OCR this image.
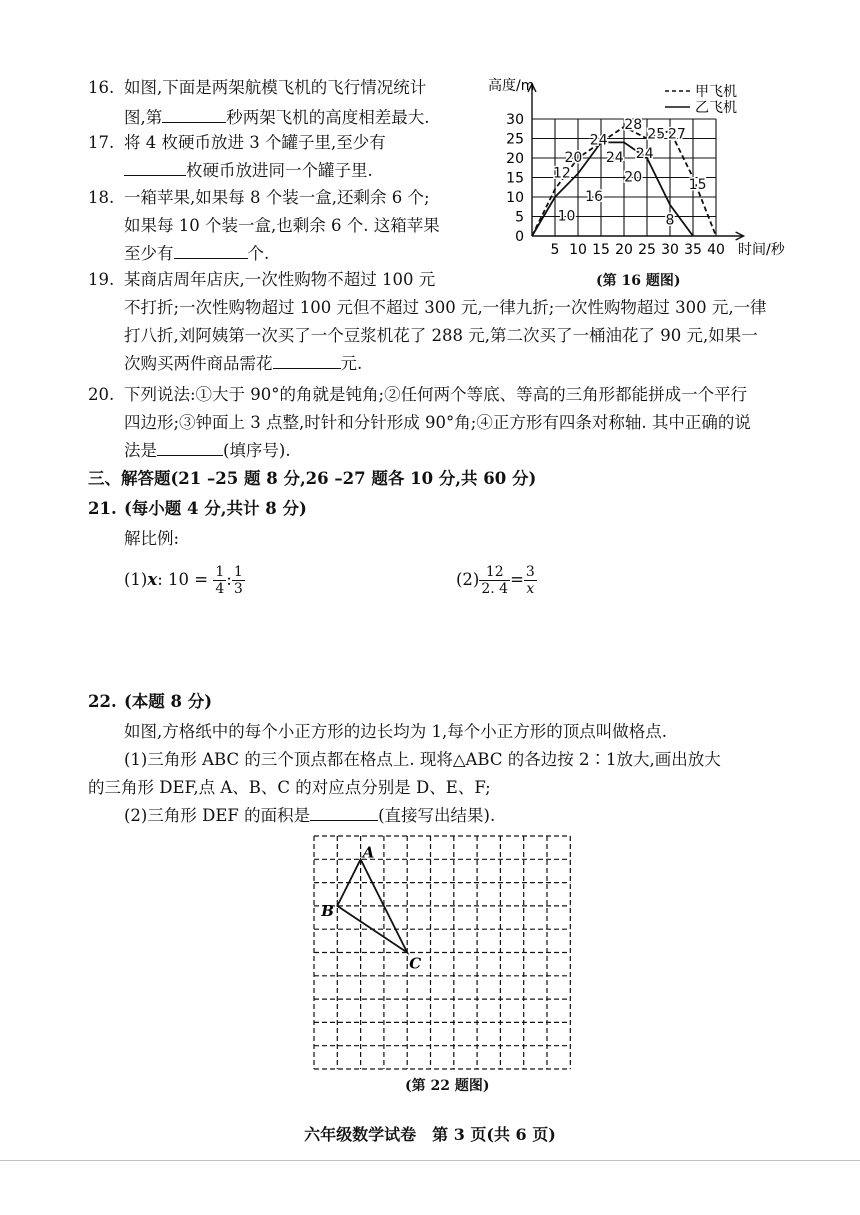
16. 如图,下面是两架航模飞机的飞行情况统计
图,第	秒两架飞机的高度相差最大.
17. 将 4 枚硬币放进 3 个罐子里,至少有
枚硬币放进同一个罐子里.
18. 一箱苹果,如果每 8 个装一盒,还剩余 6 个;
如果每 10 个装一盒,也剩余 6 个. 这箱苹果
至少有	个.
0
5
10
15
20
25
30
5 10 15 20 25 30 35 40
高度/m
时间/秒
甲飞机
乙飞机
12
10
16
20
24
24
28
24
20
25 27
15
8
(第 16 题图)
19. 某商店周年店庆,一次性购物不超过 100 元
不打折;一次性购物超过 100 元但不超过 300 元,一律九折;一次性购物超过 300 元,一律
打八折,刘阿姨第一次买了一个豆浆机花了 288 元,第二次买了一桶油花了 90 元,如果一
次购买两件商品需花	元.
20. 下列说法:①大于 90°的角就是钝角;②任何两个等底、等高的三角形都能拼成一个平行
四边形;③钟面上 3 点整,时针和分针形成 90°角;④正方形有四条对称轴. 其中正确的说
法是	(填序号).
三、解答题(21 –25 题 8 分,26 –27 题各 10 分,共 60 分)
21. (每小题 4 分,共计 8 分)
解比例:
(1)x: $10 = \frac{1}{4}$ : $\frac{1}{3}$	$(2) \frac{12}{2. 4} = \frac{3}{x}$
22. (本题 8 分)
如图,方格纸中的每个小正方形的边长均为 1,每个小正方形的顶点叫做格点.
(1)三角形 ABC 的三个顶点都在格点上. 现将△ABC 的各边按 2∶1放大,画出放大
的三角形 DEF,点 A、B、C 的对应点分别是 D、E、F;
(2)三角形 DEF 的面积是	(直接写出结果).
A
B
C
(第 22 题图)
六年级数学试卷　第 3 页(共 6 页)
